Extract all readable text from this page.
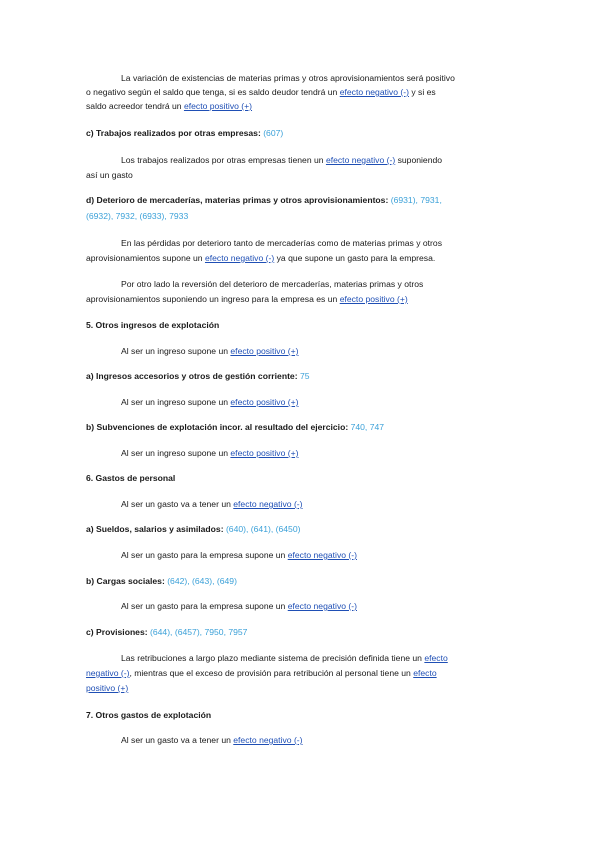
La variación de existencias de materias primas y otros aprovisionamientos será positivo
o negativo según el saldo que tenga, si es saldo deudor tendrá un efecto negativo (-) y si es
saldo acreedor tendrá un efecto positivo (+)
c) Trabajos realizados por otras empresas: (607)
Los trabajos realizados por otras empresas tienen un efecto negativo (-) suponiendo
así un gasto
d) Deterioro de mercaderías, materias primas y otros aprovisionamientos: (6931), 7931,
(6932), 7932, (6933), 7933
En las pérdidas por deterioro tanto de mercaderías como de materias primas y otros
aprovisionamientos supone un efecto negativo (-) ya que supone un gasto para la empresa.
Por otro lado la reversión del deterioro de mercaderías, materias primas y otros
aprovisionamientos suponiendo un ingreso para la empresa es un efecto positivo (+)
5. Otros ingresos de explotación
Al ser un ingreso supone un efecto positivo (+)
a) Ingresos accesorios y otros de gestión corriente: 75
Al ser un ingreso supone un efecto positivo (+)
b) Subvenciones de explotación incor. al resultado del ejercicio: 740, 747
Al ser un ingreso supone un efecto positivo (+)
6. Gastos de personal
Al ser un gasto va a tener un efecto negativo (-)
a) Sueldos, salarios y asimilados: (640), (641), (6450)
Al ser un gasto para la empresa supone un efecto negativo (-)
b) Cargas sociales: (642), (643), (649)
Al ser un gasto para la empresa supone un efecto negativo (-)
c) Provisiones: (644), (6457), 7950, 7957
Las retribuciones a largo plazo mediante sistema de precisión definida tiene un efecto
negativo (-), mientras que el exceso de provisión para retribución al personal tiene un efecto
positivo (+)
7. Otros gastos de explotación
Al ser un gasto va a tener un efecto negativo (-)
